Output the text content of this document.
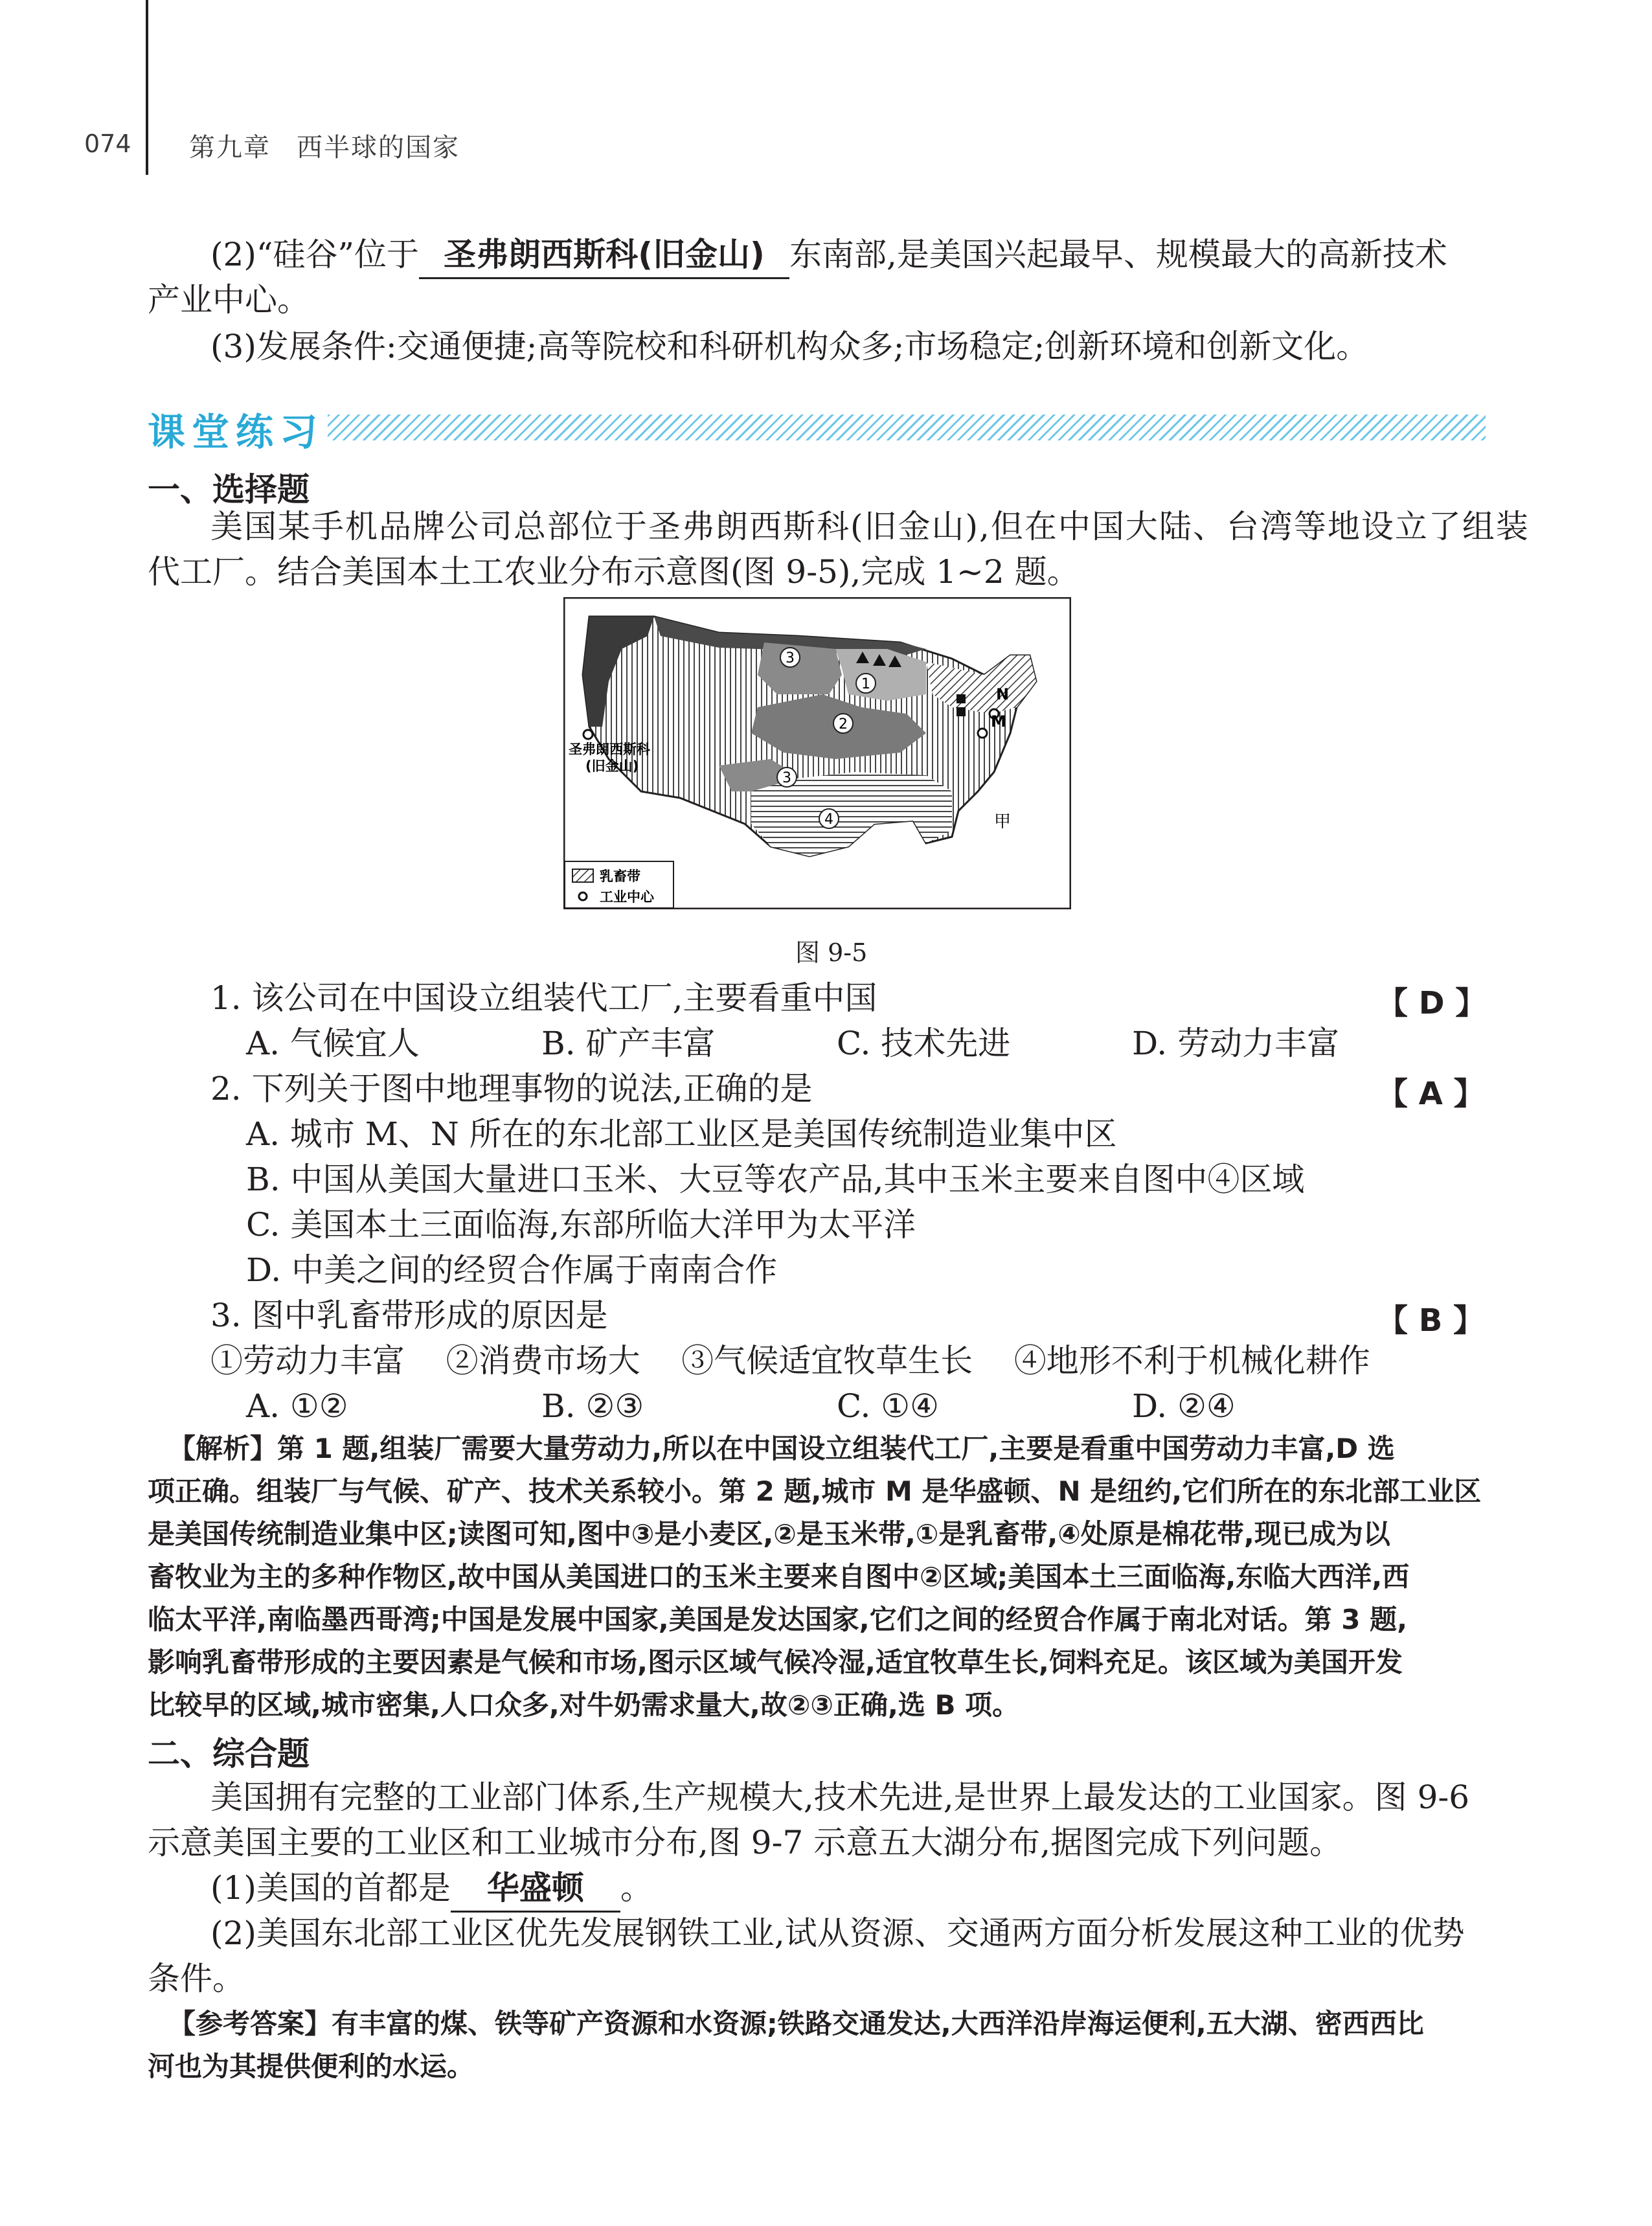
074 第九章 西半球的国家
(2)“硅谷”位于 圣弗朗西斯科(旧金山) 东南部,是美国兴起最早、规模最大的高新技术
产业中心。
(3)发展条件:交通便捷;高等院校和科研机构众多;市场稳定;创新环境和创新文化。
课堂练习
一、选择题
美国某手机品牌公司总部位于圣弗朗西斯科(旧金山),但在中国大陆、台湾等地设立了组装
代工厂。结合美国本土工农业分布示意图(图 9-5),完成 1~2 题。
3
1
2
3
4
N
M
圣弗朗西斯科
(旧金山)
甲
乳畜带
工业中心
图 9-5
1. 该公司在中国设立组装代工厂,主要看重中国	【 D 】
A. 气候宜人	B. 矿产丰富	C. 技术先进	D. 劳动力丰富
2. 下列关于图中地理事物的说法,正确的是	【 A 】
A. 城市 M、N 所在的东北部工业区是美国传统制造业集中区
B. 中国从美国大量进口玉米、大豆等农产品,其中玉米主要来自图中④区域
C. 美国本土三面临海,东部所临大洋甲为太平洋
D. 中美之间的经贸合作属于南南合作
3. 图中乳畜带形成的原因是	【 B 】
①劳动力丰富    ②消费市场大    ③气候适宜牧草生长    ④地形不利于机械化耕作
A. ①②	B. ②③	C. ①④	D. ②④
【解析】第 1 题,组装厂需要大量劳动力,所以在中国设立组装代工厂,主要是看重中国劳动力丰富,D 选
项正确。组装厂与气候、矿产、技术关系较小。第 2 题,城市 M 是华盛顿、N 是纽约,它们所在的东北部工业区
是美国传统制造业集中区;读图可知,图中③是小麦区,②是玉米带,①是乳畜带,④处原是棉花带,现已成为以
畜牧业为主的多种作物区,故中国从美国进口的玉米主要来自图中②区域;美国本土三面临海,东临大西洋,西
临太平洋,南临墨西哥湾;中国是发展中国家,美国是发达国家,它们之间的经贸合作属于南北对话。第 3 题,
影响乳畜带形成的主要因素是气候和市场,图示区域气候冷湿,适宜牧草生长,饲料充足。该区域为美国开发
比较早的区域,城市密集,人口众多,对牛奶需求量大,故②③正确,选 B 项。
二、综合题
美国拥有完整的工业部门体系,生产规模大,技术先进,是世界上最发达的工业国家。图 9-6
示意美国主要的工业区和工业城市分布,图 9-7 示意五大湖分布,据图完成下列问题。
(1)美国的首都是 华盛顿 。
(2)美国东北部工业区优先发展钢铁工业,试从资源、交通两方面分析发展这种工业的优势
条件。
【参考答案】有丰富的煤、铁等矿产资源和水资源;铁路交通发达,大西洋沿岸海运便利,五大湖、密西西比
河也为其提供便利的水运。
